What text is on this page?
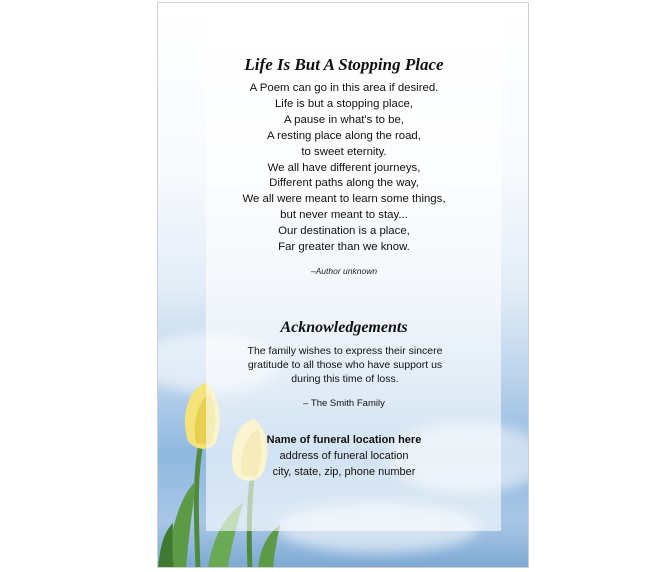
Life Is But A Stopping Place
A Poem can go in this area if desired.
Life is but a stopping place,
A pause in what's to be,
A resting place along the road,
to sweet eternity.
We all have different journeys,
Different paths along the way,
We all were meant to learn some things,
but never meant to stay...
Our destination is a place,
Far greater than we know.
–Author unknown
Acknowledgements
The family wishes to express their sincere gratitude to all those who have support us during this time of loss.
– The Smith Family
Name of funeral location here
address of funeral location
city, state, zip, phone number
